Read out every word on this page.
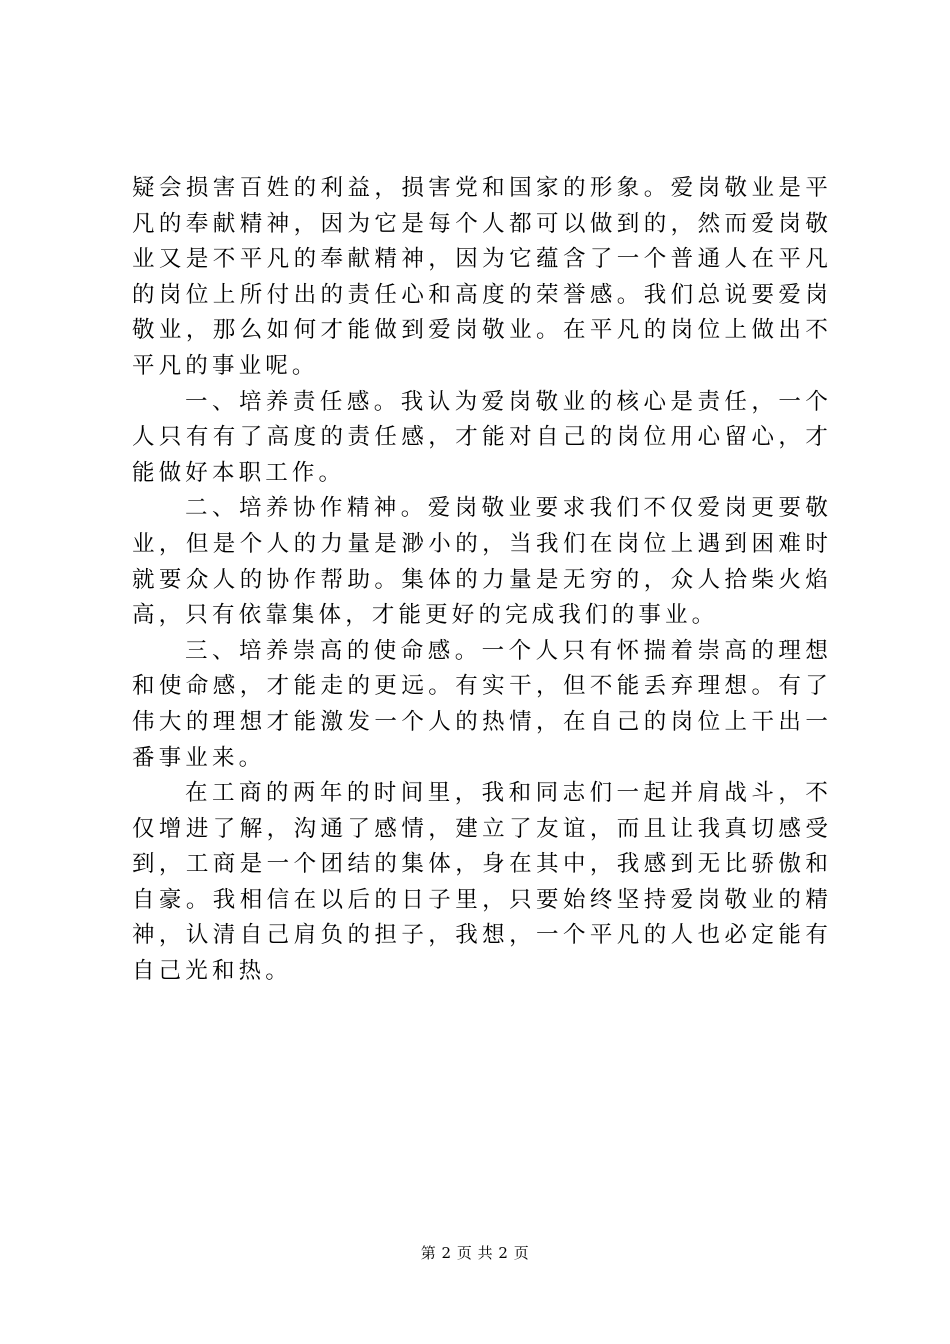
疑会损害百姓的利益，损害党和国家的形象。爱岗敬业是平凡的奉献精神，因为它是每个人都可以做到的，然而爱岗敬业又是不平凡的奉献精神，因为它蕴含了一个普通人在平凡的岗位上所付出的责任心和高度的荣誉感。我们总说要爱岗敬业，那么如何才能做到爱岗敬业。在平凡的岗位上做出不平凡的事业呢。

一、培养责任感。我认为爱岗敬业的核心是责任，一个人只有有了高度的责任感，才能对自己的岗位用心留心，才能做好本职工作。

二、培养协作精神。爱岗敬业要求我们不仅爱岗更要敬业，但是个人的力量是渺小的，当我们在岗位上遇到困难时就要众人的协作帮助。集体的力量是无穷的，众人拾柴火焰高，只有依靠集体，才能更好的完成我们的事业。

三、培养崇高的使命感。一个人只有怀揣着崇高的理想和使命感，才能走的更远。有实干，但不能丢弃理想。有了伟大的理想才能激发一个人的热情，在自己的岗位上干出一番事业来。

在工商的两年的时间里，我和同志们一起并肩战斗，不仅增进了解，沟通了感情，建立了友谊，而且让我真切感受到，工商是一个团结的集体，身在其中，我感到无比骄傲和自豪。我相信在以后的日子里，只要始终坚持爱岗敬业的精神，认清自己肩负的担子，我想，一个平凡的人也必定能有自己光和热。

第 2 页 共 2 页
